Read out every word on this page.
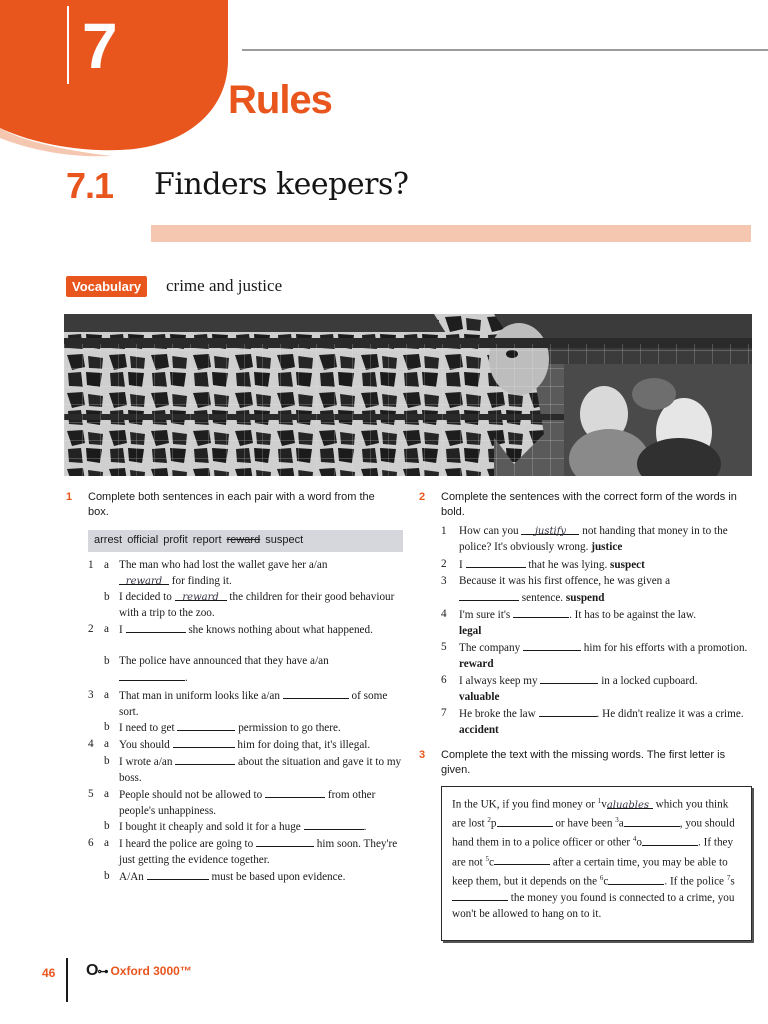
7
Rules
7.1 Finders keepers?
Vocabulary	crime and justice
1 Complete both sentences in each pair with a word from the box.
arrest official profit report reward suspect
1 a The man who had lost the wallet gave her a/an
reward for finding it.
b I decided to reward the children for their good behaviour with a trip to the zoo.
2 a I	she knows nothing about what happened.
b The police have announced that they have a/an
.
3 a That man in uniform looks like a/an	of some sort.
b I need to get	permission to go there.
4 a You should	him for doing that, it's illegal.
b I wrote a/an	about the situation and gave it to my boss.
5 a People should not be allowed to	from other people's unhappiness.
b I bought it cheaply and sold it for a huge	.
6 a I heard the police are going to	him soon. They're just getting the evidence together.
b A/An	must be based upon evidence.
2 Complete the sentences with the correct form of the words in bold.
1 How can you justify not handing that money in to the police? It's obviously wrong. justice
2 I	that he was lying. suspect
3 Because it was his first offence, he was given a
sentence. suspend
4 I'm sure it's	. It has to be against the law.
legal
5 The company	him for his efforts with a promotion. reward
6 I always keep my	in a locked cupboard.
valuable
7 He broke the law	. He didn't realize it was a crime. accident
3 Complete the text with the missing words. The first letter is given.
In the UK, if you find money or $^1$valuables which you think are lost $^2$p	or have been $^3$a	, you should hand them in to a police officer or other $^4$o	. If they are not $^5$c	after a certain time, you may be able to keep them, but it depends on the $^6$c	. If the police $^7$s the money you found is connected to a crime, you won't be allowed to hang on to it.
46 O⊶ Oxford 3000™
